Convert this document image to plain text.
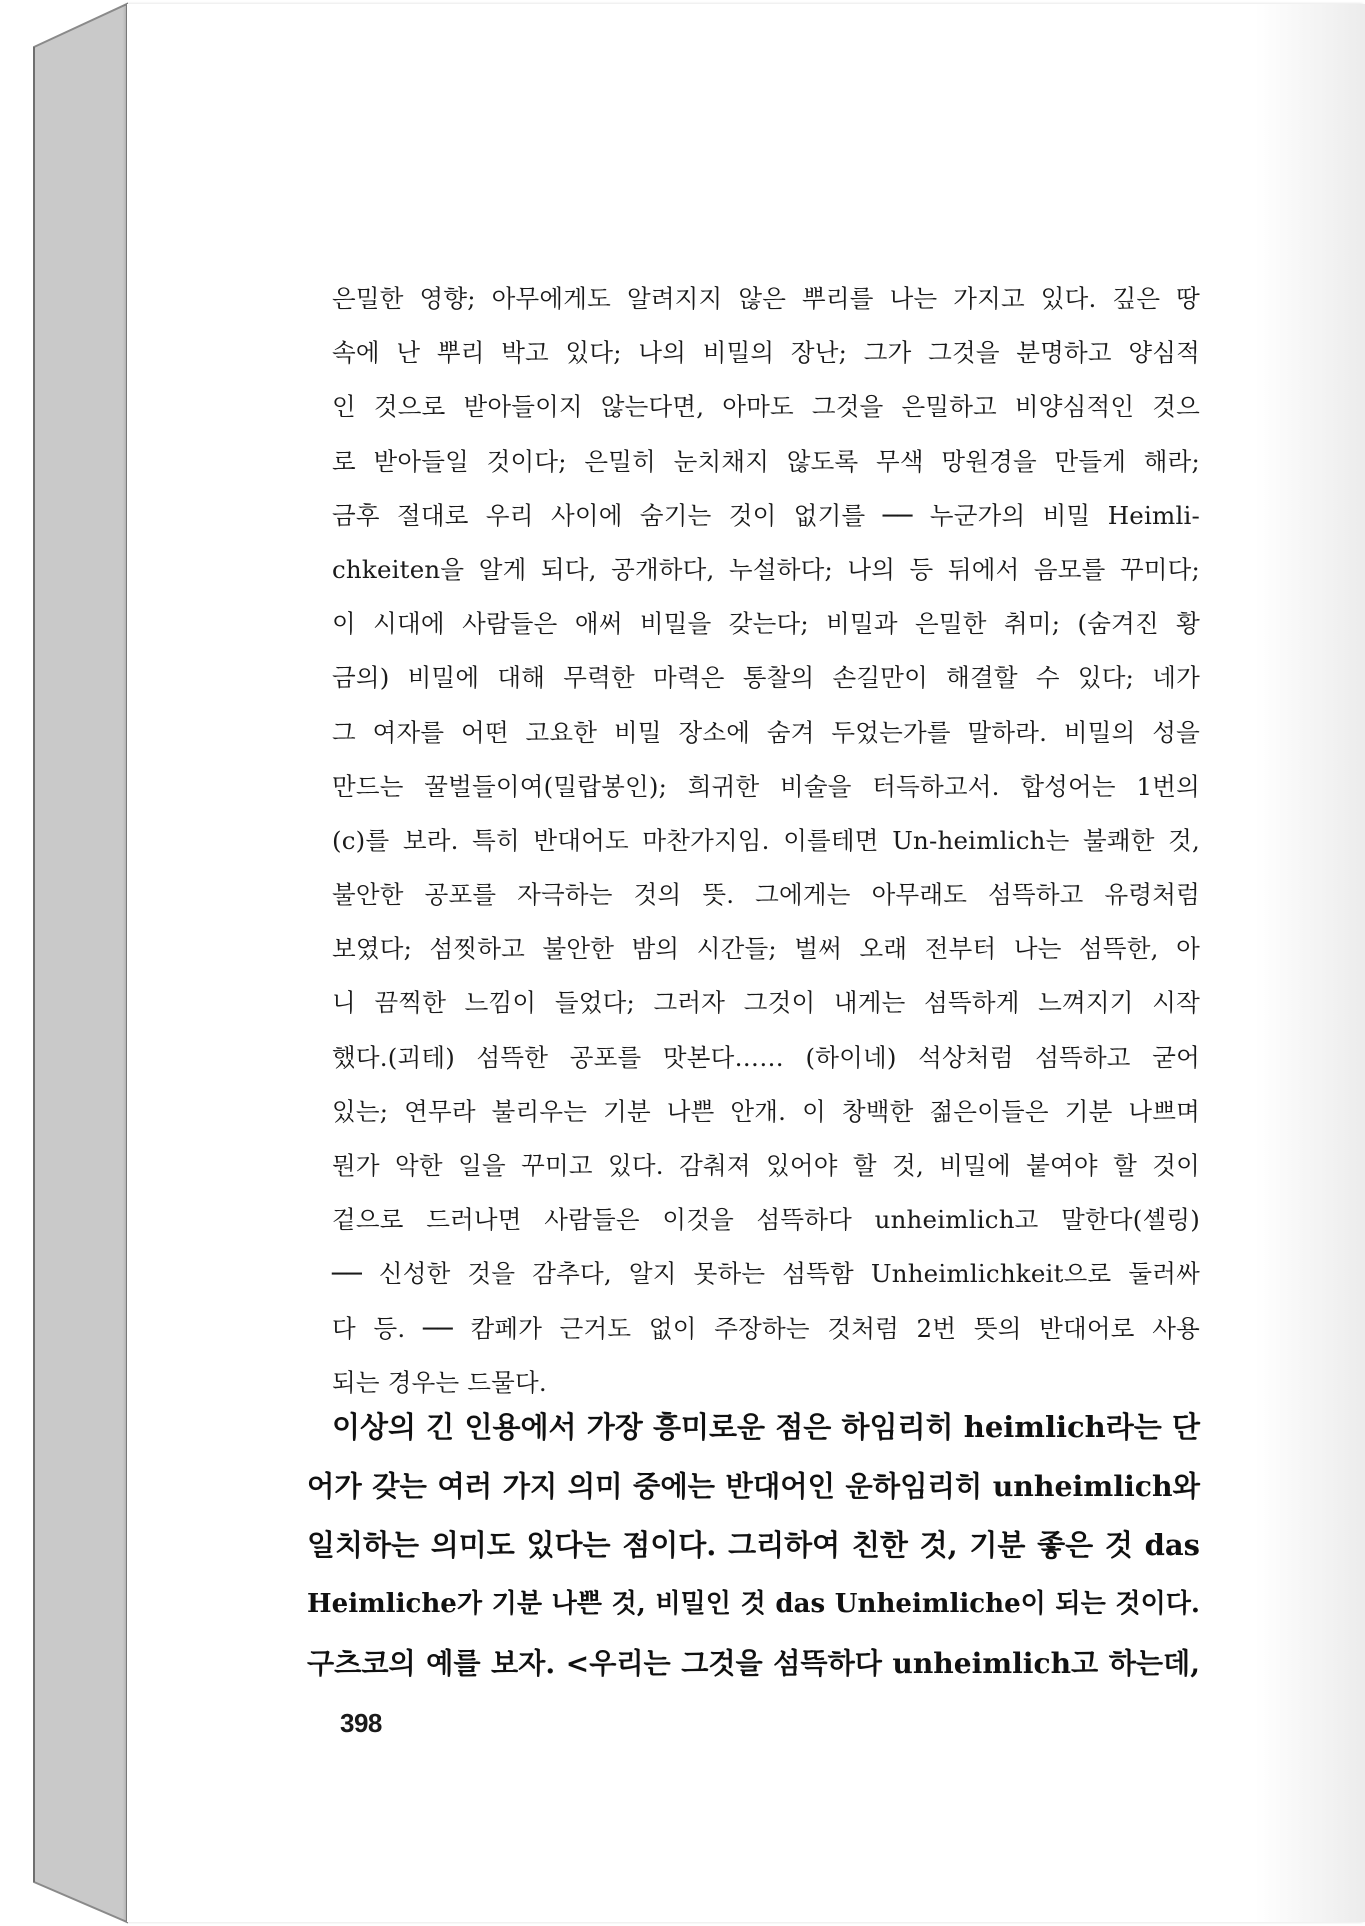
은밀한 영향; 아무에게도 알려지지 않은 뿌리를 나는 가지고 있다. 깊은 땅
속에 난 뿌리 박고 있다; 나의 비밀의 장난; 그가 그것을 분명하고 양심적
인 것으로 받아들이지 않는다면, 아마도 그것을 은밀하고 비양심적인 것으
로 받아들일 것이다; 은밀히 눈치채지 않도록 무색 망원경을 만들게 해라;
금후 절대로 우리 사이에 숨기는 것이 없기를 ── 누군가의 비밀 Heimli-
chkeiten을 알게 되다, 공개하다, 누설하다; 나의 등 뒤에서 음모를 꾸미다;
이 시대에 사람들은 애써 비밀을 갖는다; 비밀과 은밀한 취미; (숨겨진 황
금의) 비밀에 대해 무력한 마력은 통찰의 손길만이 해결할 수 있다; 네가
그 여자를 어떤 고요한 비밀 장소에 숨겨 두었는가를 말하라. 비밀의 성을
만드는 꿀벌들이여(밀랍봉인); 희귀한 비술을 터득하고서. 합성어는 1번의
(c)를 보라. 특히 반대어도 마찬가지임. 이를테면 Un-heimlich는 불쾌한 것,
불안한 공포를 자극하는 것의 뜻. 그에게는 아무래도 섬뜩하고 유령처럼
보였다; 섬찟하고 불안한 밤의 시간들; 벌써 오래 전부터 나는 섬뜩한, 아
니 끔찍한 느낌이 들었다; 그러자 그것이 내게는 섬뜩하게 느껴지기 시작
했다.(괴테) 섬뜩한 공포를 맛본다…… (하이네) 석상처럼 섬뜩하고 굳어
있는; 연무라 불리우는 기분 나쁜 안개. 이 창백한 젊은이들은 기분 나쁘며
뭔가 악한 일을 꾸미고 있다. 감춰져 있어야 할 것, 비밀에 붙여야 할 것이
겉으로 드러나면 사람들은 이것을 섬뜩하다 unheimlich고 말한다(셸링)
── 신성한 것을 감추다, 알지 못하는 섬뜩함 Unheimlichkeit으로 둘러싸
다 등. ── 캄페가 근거도 없이 주장하는 것처럼 2번 뜻의 반대어로 사용
되는 경우는 드물다.
이상의 긴 인용에서 가장 흥미로운 점은 하임리히 heimlich라는 단
어가 갖는 여러 가지 의미 중에는 반대어인 운하임리히 unheimlich와
일치하는 의미도 있다는 점이다. 그리하여 친한 것, 기분 좋은 것 das
Heimliche가 기분 나쁜 것, 비밀인 것 das Unheimliche이 되는 것이다.
구츠코의 예를 보자. <우리는 그것을 섬뜩하다 unheimlich고 하는데,
398
